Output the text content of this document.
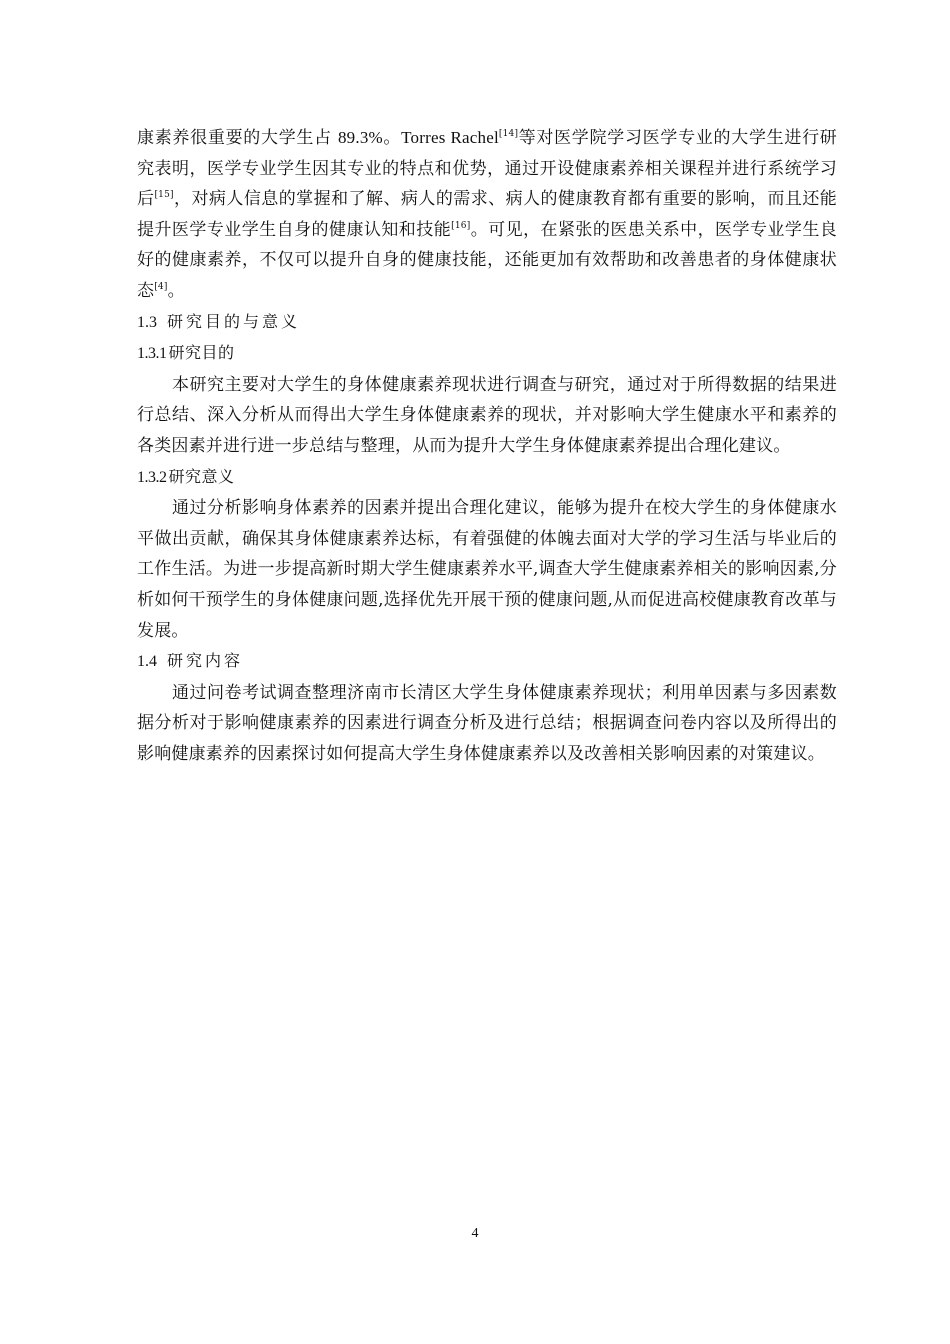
康素养很重要的大学生占 89.3%。Torres Rachel[14]等对医学院学习医学专业的大学生进行研究表明，医学专业学生因其专业的特点和优势，通过开设健康素养相关课程并进行系统学习后[15]，对病人信息的掌握和了解、病人的需求、病人的健康教育都有重要的影响，而且还能提升医学专业学生自身的健康认知和技能[16]。可见，在紧张的医患关系中，医学专业学生良好的健康素养，不仅可以提升自身的健康技能，还能更加有效帮助和改善患者的身体健康状态[4]。

1.3 研究目的与意义

1.3.1 研究目的

本研究主要对大学生的身体健康素养现状进行调查与研究，通过对于所得数据的结果进行总结、深入分析从而得出大学生身体健康素养的现状，并对影响大学生健康水平和素养的各类因素并进行进一步总结与整理，从而为提升大学生身体健康素养提出合理化建议。

1.3.2 研究意义

通过分析影响身体素养的因素并提出合理化建议，能够为提升在校大学生的身体健康水平做出贡献，确保其身体健康素养达标，有着强健的体魄去面对大学的学习生活与毕业后的工作生活。为进一步提高新时期大学生健康素养水平,调查大学生健康素养相关的影响因素,分析如何干预学生的身体健康问题,选择优先开展干预的健康问题,从而促进高校健康教育改革与发展。

1.4 研究内容

通过问卷考试调查整理济南市长清区大学生身体健康素养现状；利用单因素与多因素数据分析对于影响健康素养的因素进行调查分析及进行总结；根据调查问卷内容以及所得出的影响健康素养的因素探讨如何提高大学生身体健康素养以及改善相关影响因素的对策建议。

4
